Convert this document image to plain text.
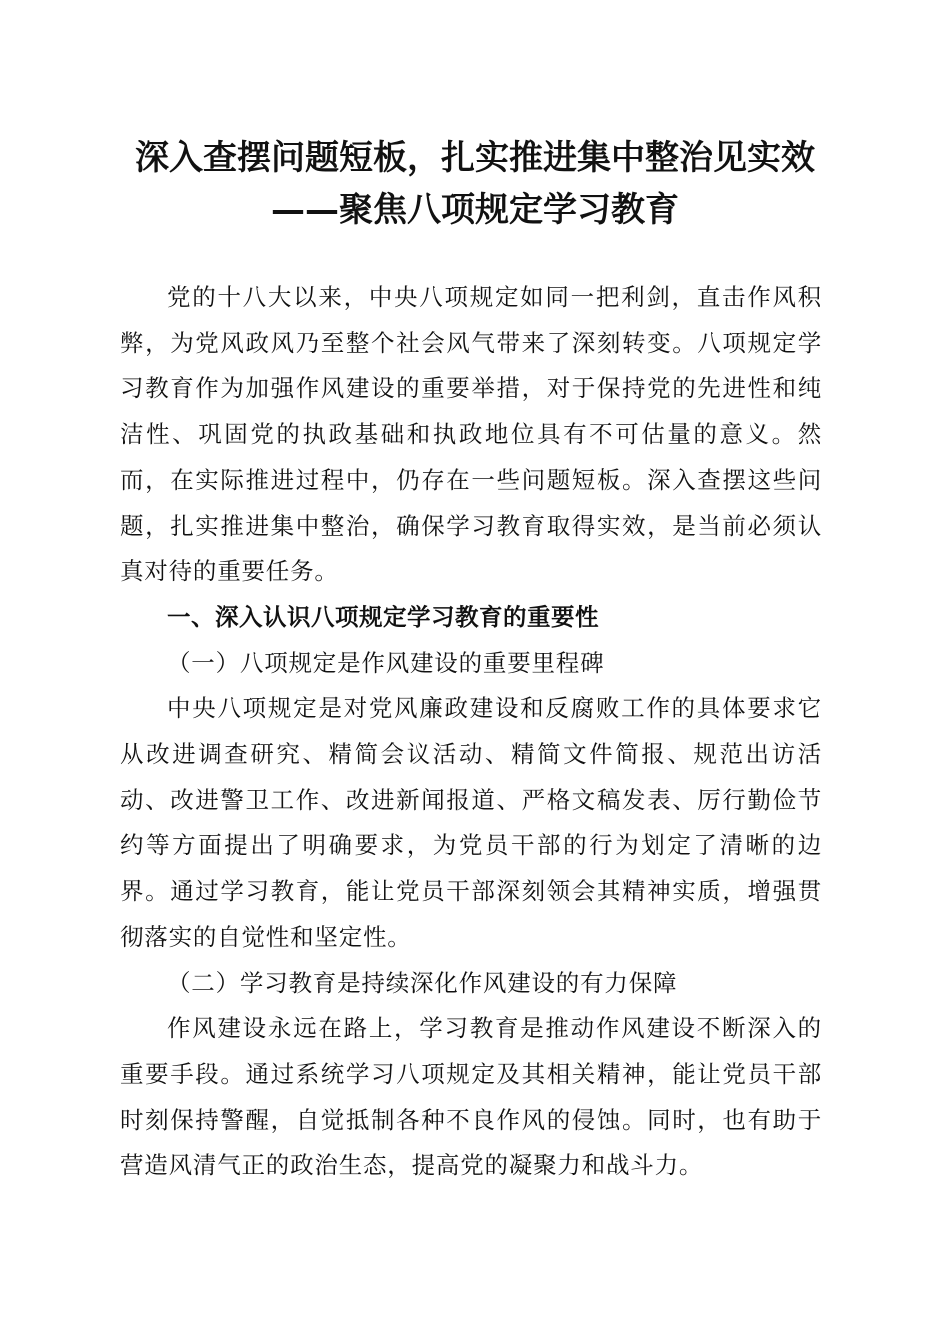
深入查摆问题短板，扎实推进集中整治见实效
——聚焦八项规定学习教育

党的十八大以来，中央八项规定如同一把利剑，直击作风积弊，为党风政风乃至整个社会风气带来了深刻转变。八项规定学习教育作为加强作风建设的重要举措，对于保持党的先进性和纯洁性、巩固党的执政基础和执政地位具有不可估量的意义。然而，在实际推进过程中，仍存在一些问题短板。深入查摆这些问题，扎实推进集中整治，确保学习教育取得实效，是当前必须认真对待的重要任务。

一、深入认识八项规定学习教育的重要性

（一）八项规定是作风建设的重要里程碑

中央八项规定是对党风廉政建设和反腐败工作的具体要求它从改进调查研究、精简会议活动、精简文件简报、规范出访活动、改进警卫工作、改进新闻报道、严格文稿发表、厉行勤俭节约等方面提出了明确要求，为党员干部的行为划定了清晰的边界。通过学习教育，能让党员干部深刻领会其精神实质，增强贯彻落实的自觉性和坚定性。

（二）学习教育是持续深化作风建设的有力保障

作风建设永远在路上，学习教育是推动作风建设不断深入的重要手段。通过系统学习八项规定及其相关精神，能让党员干部时刻保持警醒，自觉抵制各种不良作风的侵蚀。同时，也有助于营造风清气正的政治生态，提高党的凝聚力和战斗力。
